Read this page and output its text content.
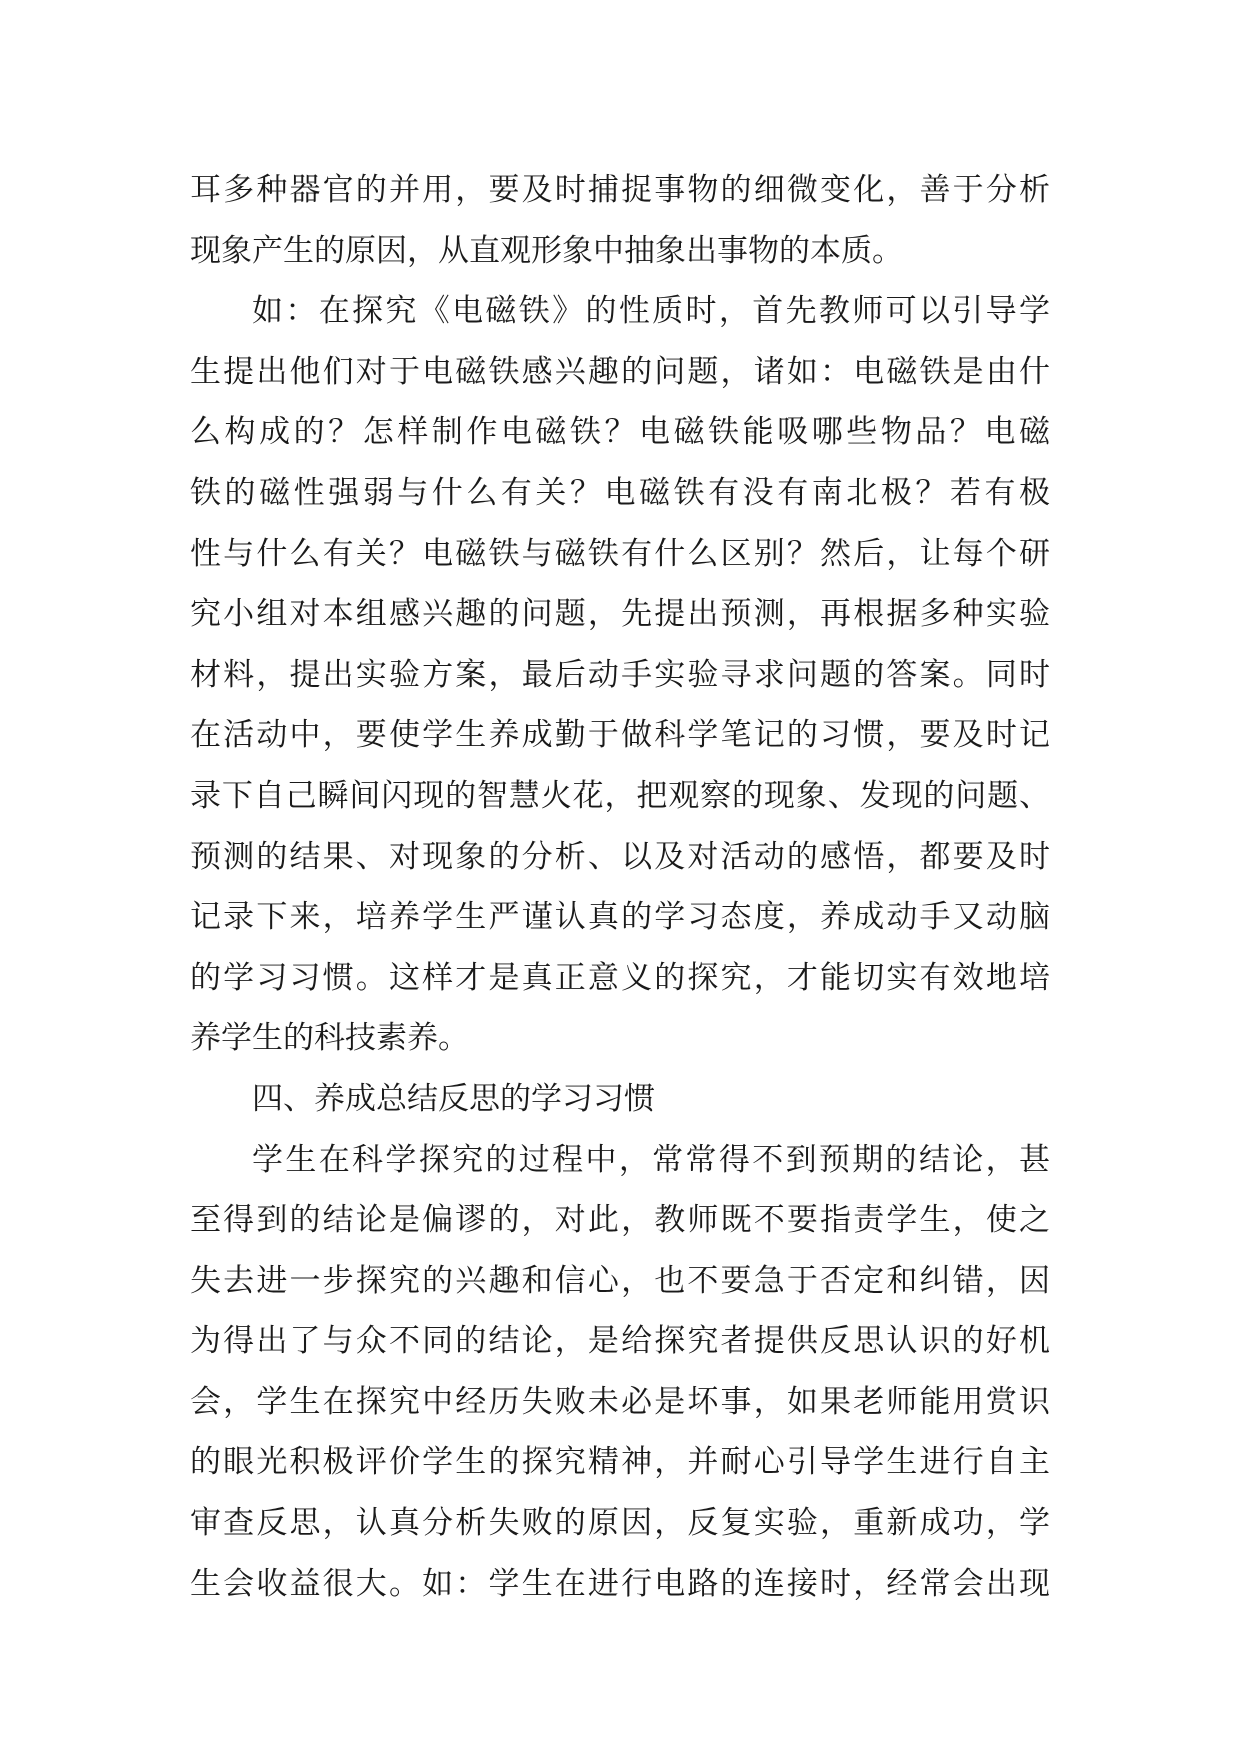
耳多种器官的并用，要及时捕捉事物的细微变化，善于分析
现象产生的原因，从直观形象中抽象出事物的本质。
如：在探究《电磁铁》的性质时，首先教师可以引导学
生提出他们对于电磁铁感兴趣的问题，诸如：电磁铁是由什
么构成的？怎样制作电磁铁？电磁铁能吸哪些物品？电磁
铁的磁性强弱与什么有关？电磁铁有没有南北极？若有极
性与什么有关？电磁铁与磁铁有什么区别？然后，让每个研
究小组对本组感兴趣的问题，先提出预测，再根据多种实验
材料，提出实验方案，最后动手实验寻求问题的答案。同时
在活动中，要使学生养成勤于做科学笔记的习惯，要及时记
录下自己瞬间闪现的智慧火花，把观察的现象、发现的问题、
预测的结果、对现象的分析、以及对活动的感悟，都要及时
记录下来，培养学生严谨认真的学习态度，养成动手又动脑
的学习习惯。这样才是真正意义的探究，才能切实有效地培
养学生的科技素养。
四、养成总结反思的学习习惯
学生在科学探究的过程中，常常得不到预期的结论，甚
至得到的结论是偏谬的，对此，教师既不要指责学生，使之
失去进一步探究的兴趣和信心，也不要急于否定和纠错，因
为得出了与众不同的结论，是给探究者提供反思认识的好机
会，学生在探究中经历失败未必是坏事，如果老师能用赏识
的眼光积极评价学生的探究精神，并耐心引导学生进行自主
审查反思，认真分析失败的原因，反复实验，重新成功，学
生会收益很大。如：学生在进行电路的连接时，经常会出现
